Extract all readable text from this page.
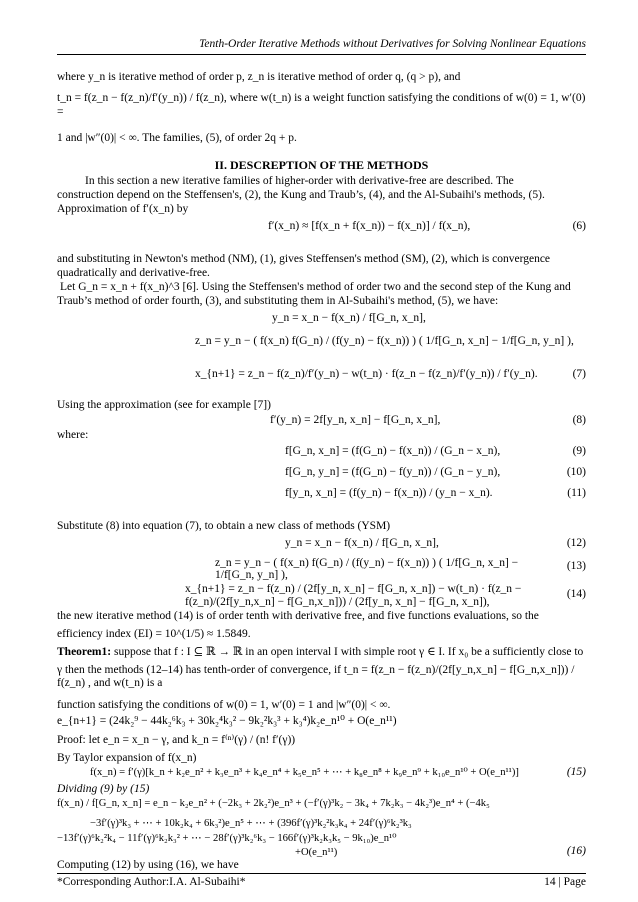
Tenth-Order Iterative Methods without Derivatives for Solving Nonlinear Equations
where y_n is iterative method of order p, z_n is iterative method of order q, (q > p), and
t_n = f(z_n − f(z_n)/f′(y_n)) / f(z_n), where w(t_n) is a weight function satisfying the conditions of w(0) = 1, w′(0) =
1 and |w″(0)| < ∞. The families, (5), of order 2q + p.
II. DESCREPTION OF THE METHODS
In this section a new iterative families of higher-order with derivative-free are described. The
construction depend on the Steffensen's, (2), the Kung and Traub’s, (4), and the Al-Subaihi's methods, (5).
Approximation of f′(x_n) by
f′(x_n) ≈ [f(x_n + f(x_n)) − f(x_n)] / f(x_n),	(6)
and substituting in Newton's method (NM), (1), gives Steffensen's method (SM), (2), which is convergence
quadratically and derivative-free.
Let G_n = x_n + f(x_n)^3 [6]. Using the Steffensen's method of order two and the second step of the Kung and
Traub’s method of order fourth, (3), and substituting them in Al-Subaihi's method, (5), we have:
y_n = x_n − f(x_n) / f[G_n, x_n],
z_n = y_n − ( f(x_n) f(G_n) / (f(y_n) − f(x_n)) ) ( 1/f[G_n, x_n] − 1/f[G_n, y_n] ),
x_{n+1} = z_n − f(z_n)/f′(y_n) − w(t_n) · f(z_n − f(z_n)/f′(y_n)) / f′(y_n).	(7)
Using the approximation (see for example [7])
f′(y_n) = 2f[y_n, x_n] − f[G_n, x_n],	(8)
where:
f[G_n, x_n] = (f(G_n) − f(x_n)) / (G_n − x_n),	(9)
f[G_n, y_n] = (f(G_n) − f(y_n)) / (G_n − y_n),	(10)
f[y_n, x_n] = (f(y_n) − f(x_n)) / (y_n − x_n).	(11)
Substitute (8) into equation (7), to obtain a new class of methods (YSM)
y_n = x_n − f(x_n) / f[G_n, x_n],	(12)
z_n = y_n − ( f(x_n) f(G_n) / (f(y_n) − f(x_n)) ) ( 1/f[G_n, x_n] − 1/f[G_n, y_n] ),
(13)
x_{n+1} = z_n − f(z_n) / (2f[y_n, x_n] − f[G_n, x_n]) − w(t_n) · f(z_n − f(z_n)/(2f[y_n,x_n] − f[G_n,x_n])) / (2f[y_n, x_n] − f[G_n, x_n]),
(14)
the new iterative method (14) is of order tenth with derivative free, and five functions evaluations, so the
efficiency index (EI) = 10^(1/5) ≈ 1.5849.
Theorem1: suppose that f : I ⊆ ℝ → ℝ in an open interval I with simple root γ ∈ I. If x₀ be a sufficiently close to
γ then the methods (12–14) has tenth-order of convergence, if t_n = f(z_n − f(z_n)/(2f[y_n,x_n] − f[G_n,x_n])) / f(z_n) , and w(t_n) is a
function satisfying the conditions of w(0) = 1, w′(0) = 1 and |w″(0)| < ∞.
e_{n+1} = (24k₂⁹ − 44k₂⁶k₃ + 30k₂⁴k₃² − 9k₂²k₃³ + k₃⁴)k₂e_n¹⁰ + O(e_n¹¹)
Proof: let e_n = x_n − γ, and k_n = f⁽ⁿ⁾(γ) / (n! f′(γ))
By Taylor expansion of f(x_n)
f(x_n) = f′(γ)[k_n + k₂e_n² + k₃e_n³ + k₄e_n⁴ + k₅e_n⁵ + ⋯ + k₈e_n⁸ + k₉e_n⁹ + k₁₀e_n¹⁰ + O(e_n¹¹)]	(15)
Dividing (9) by (15)
f(x_n) / f[G_n, x_n] = e_n − k₂e_n² + (−2k₃ + 2k₂²)e_n³ + (−f′(γ)³k₂ − 3k₄ + 7k₂k₃ − 4k₂³)e_n⁴ + (−4k₅
−3f′(γ)³k₃ + ⋯ + 10k₂k₄ + 6k₃²)e_n⁵ + ⋯ + (396f′(γ)³k₂²k₃k₄ + 24f′(γ)⁶k₂³k₃
−13f′(γ)⁶k₂²k₄ − 11f′(γ)⁶k₂k₃² + ⋯ − 28f′(γ)³k₂⁶k₃ − 166f′(γ)³k₂k₃k₅ − 9k₁₀)e_n¹⁰
+O(e_n¹¹)	(16)
Computing (12) by using (16), we have
*Corresponding Author:I.A. Al-Subaihi*	14 | Page
